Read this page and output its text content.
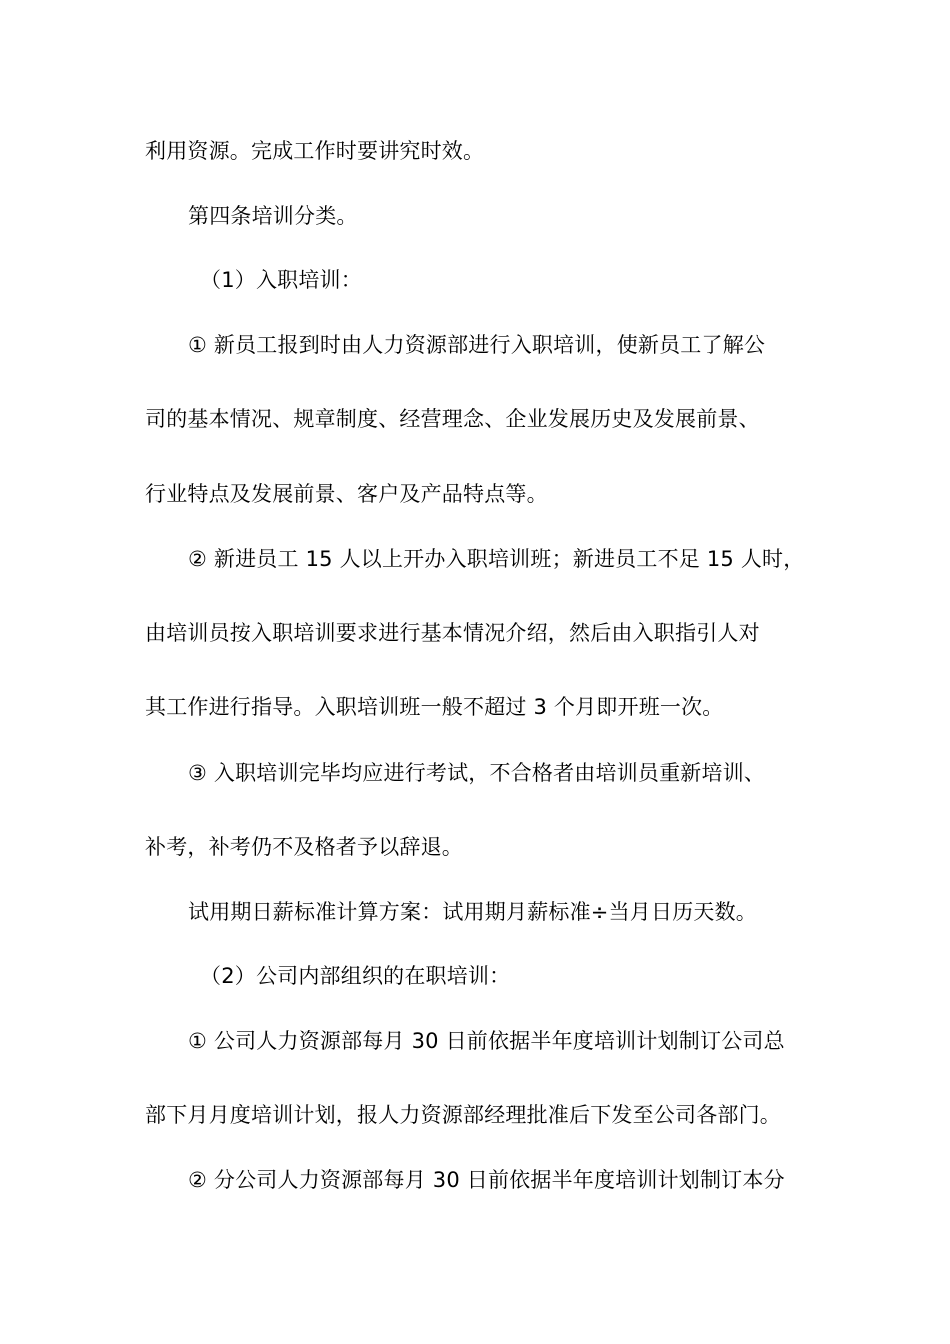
利用资源。完成工作时要讲究时效。
第四条培训分类。
（1）入职培训：
① 新员工报到时由人力资源部进行入职培训，使新员工了解公
司的基本情况、规章制度、经营理念、企业发展历史及发展前景、
行业特点及发展前景、客户及产品特点等。
② 新进员工 15 人以上开办入职培训班；新进员工不足 15 人时，
由培训员按入职培训要求进行基本情况介绍，然后由入职指引人对
其工作进行指导。入职培训班一般不超过 3 个月即开班一次。
③ 入职培训完毕均应进行考试，不合格者由培训员重新培训、
补考，补考仍不及格者予以辞退。
试用期日薪标准计算方案：试用期月薪标准÷当月日历天数。
（2）公司内部组织的在职培训：
① 公司人力资源部每月 30 日前依据半年度培训计划制订公司总
部下月月度培训计划，报人力资源部经理批准后下发至公司各部门。
② 分公司人力资源部每月 30 日前依据半年度培训计划制订本分
